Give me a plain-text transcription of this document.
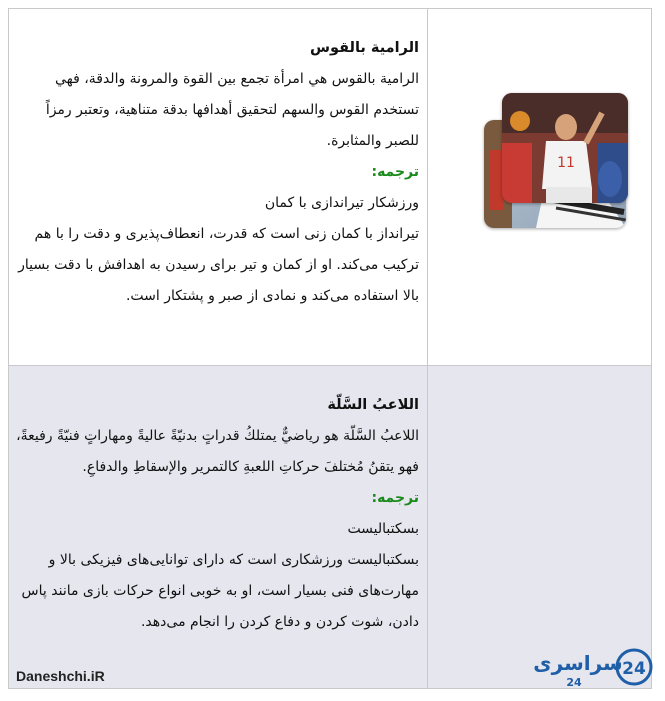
الرامية بالقوس

الرامية بالقوس هي امرأة تجمع بين القوة والمرونة والدقة، فهي تستخدم القوس والسهم لتحقيق أهدافها بدقة متناهية، وتعتبر رمزاً للصبر والمثابرة.

ترجمه:

ورزشکار تیراندازی با کمان

تیرانداز با کمان زنی است که قدرت، انعطاف‌پذیری و دقت را با هم ترکیب می‌کند. او از کمان و تیر برای رسیدن به اهدافش با دقت بسیار بالا استفاده می‌کند و نمادی از صبر و پشتکار است.

اللاعبُ السَّلّة

اللاعبُ السَّلّة هو رياضيٌّ يمتلكُ قدراتٍ بدنيّةً عاليةً ومهاراتٍ فنيّةً رفيعةً، فهو يتقنُ مُختلفَ حركاتِ اللعبةِ كالتمرير والإسقاطِ والدفاعِ.

ترجمه:

بسکتبالیست

بسکتبالیست ورزشکاری است که دارای توانایی‌های فیزیکی بالا و مهارت‌های فنی بسیار است، او به خوبی انواع حرکات بازی مانند پاس دادن، شوت کردن و دفاع کردن را انجام می‌دهد.

11
Daneshchi.iR	24
سراسری
24
